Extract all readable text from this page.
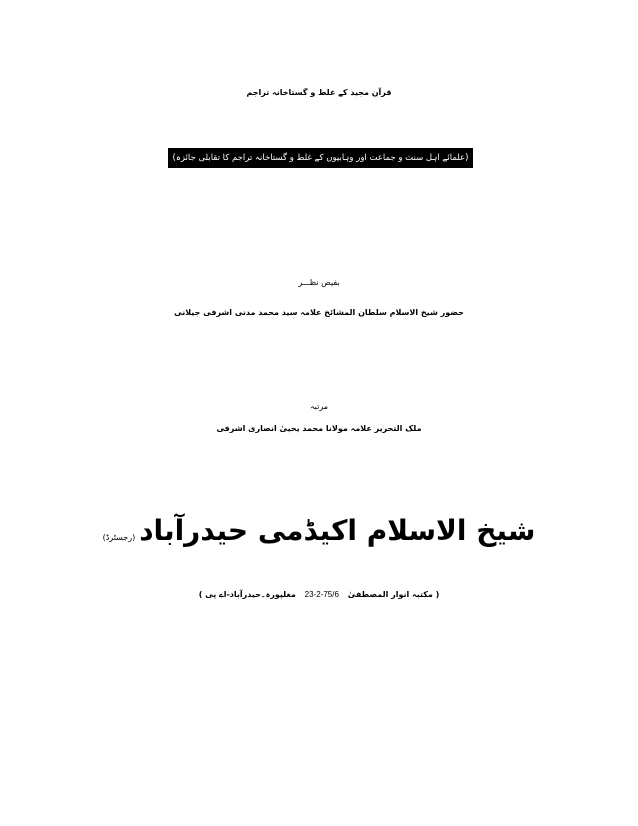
قرآن مجید کے غلط و گستاخانہ تراجم
(علمائے اہل سنت و جماعت اور وہابیوں کے غلط و گستاخانہ تراجم کا تقابلی جائزہ)
بفیض نظـــر
حضور شیخ الاسلام سلطان المشائخ علامہ سید محمد مدنی اشرفی جیلانی
مرتبہ
ملک التحریر علامہ مولانا محمد یحییٰ انصاری اشرفی
شیخ الاسلام اکیڈمی حیدرآباد(رجسٹرڈ)
( مکتبہ انوار المصطفیٰ 23-2-75/6 مغلپورہ۔حیدرآباد-اے پی )
